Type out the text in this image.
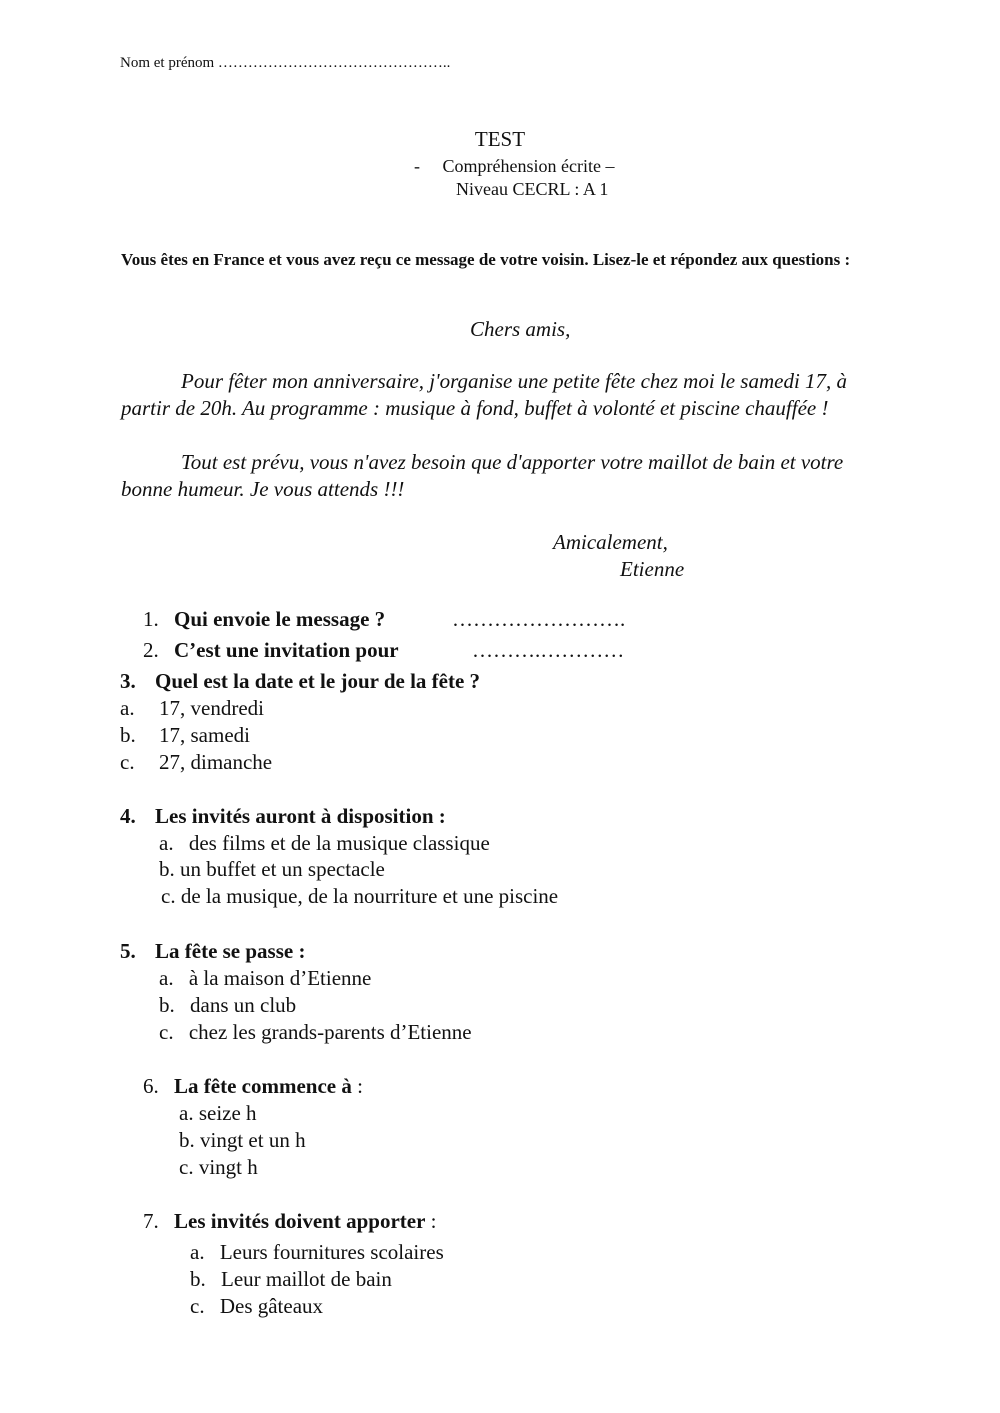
Nom et prénom ………………………………………..
TEST
-     Compréhension écrite –
Niveau CECRL : A 1
Vous êtes en France et vous avez reçu ce message de votre voisin. Lisez-le et répondez aux questions :
Chers amis,
Pour fêter mon anniversaire, j'organise une petite fête chez moi le samedi 17, à partir de 20h. Au programme : musique à fond, buffet à volonté et piscine chauffée !
Tout est prévu, vous n'avez besoin que d'apporter votre maillot de bain et votre bonne humeur. Je vous attends !!!
Amicalement,
Etienne
1. Qui envoie le message ?	…………………….
2. C’est une invitation pour	……….…………
3. Quel est la date et le jour de la fête ?
a. 17, vendredi
b. 17, samedi
c. 27, dimanche
4. Les invités auront à disposition :
a. des films et de la musique classique
b. un buffet et un spectacle
c. de la musique, de la nourriture et une piscine
5. La fête se passe :
a. à la maison d’Etienne
b. dans un club
c. chez les grands-parents d’Etienne
6. La fête commence à :
a. seize h
b. vingt et un h
c. vingt h
7. Les invités doivent apporter :
a. Leurs fournitures scolaires
b. Leur maillot de bain
c. Des gâteaux
